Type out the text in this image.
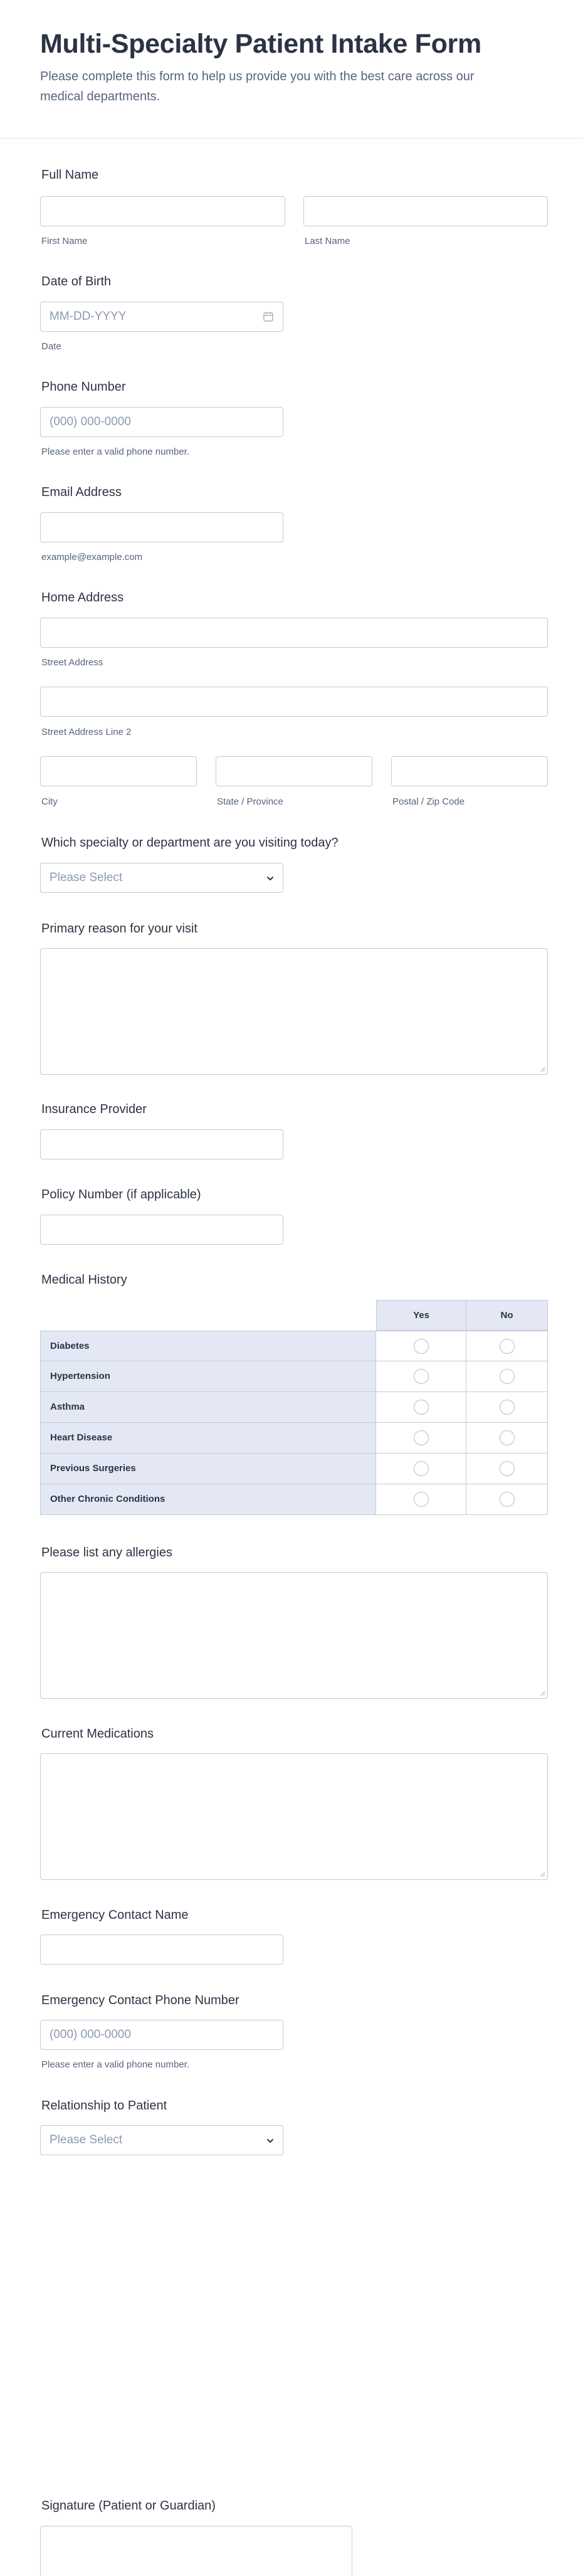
Multi-Specialty Patient Intake Form

Please complete this form to help us provide you with the best care across our medical departments.

Full Name
First Name	Last Name
Date of Birth
MM-DD-YYYY
Date
Phone Number
(000) 000-0000
Please enter a valid phone number.
Email Address
example@example.com
Home Address
Street Address
Street Address Line 2
City	State / Province	Postal / Zip Code
Which specialty or department are you visiting today?
Please Select
Primary reason for your visit
Insurance Provider
Policy Number (if applicable)
Medical History
Yes	No
Diabetes
Hypertension
Asthma
Heart Disease
Previous Surgeries
Other Chronic Conditions
Please list any allergies
Current Medications
Emergency Contact Name
Emergency Contact Phone Number
(000) 000-0000
Please enter a valid phone number.
Relationship to Patient
Please Select
Signature (Patient or Guardian)
